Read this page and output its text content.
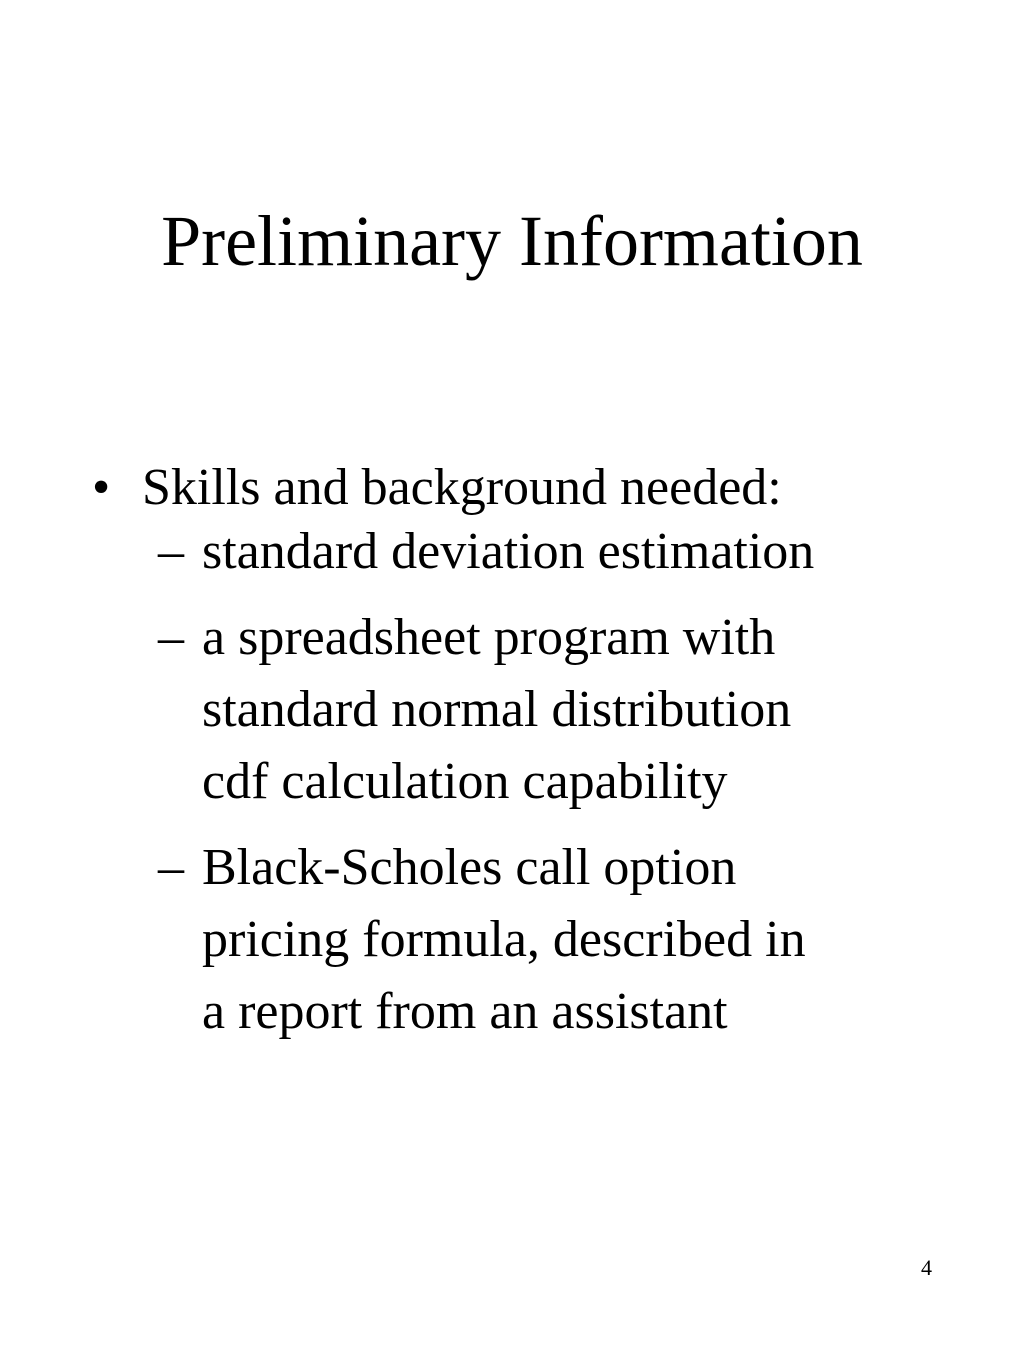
Preliminary Information
• Skills and background needed:
– standard deviation estimation
– a spreadsheet program with
standard normal distribution
cdf calculation capability
– Black-Scholes call option
pricing formula, described in
a report from an assistant
4
